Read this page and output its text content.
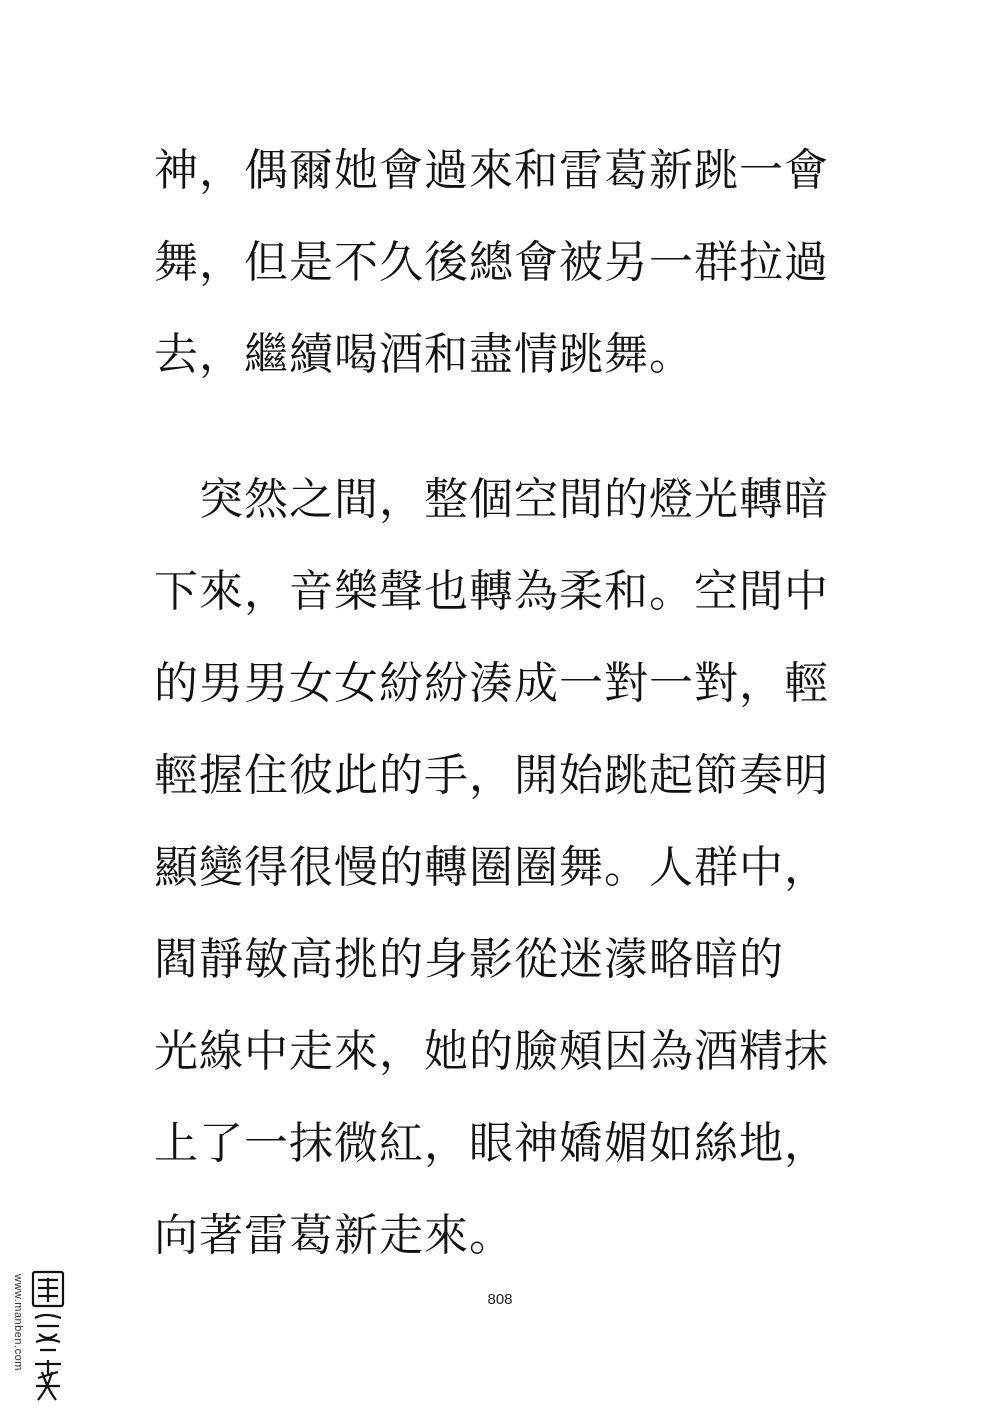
神，偶爾她會過來和雷葛新跳一會
舞，但是不久後總會被另一群拉過
去，繼續喝酒和盡情跳舞。
　突然之間，整個空間的燈光轉暗
下來，音樂聲也轉為柔和。空間中
的男男女女紛紛湊成一對一對，輕
輕握住彼此的手，開始跳起節奏明
顯變得很慢的轉圈圈舞。人群中，
閻靜敏高挑的身影從迷濛略暗的
光線中走來，她的臉頰因為酒精抹
上了一抹微紅，眼神嬌媚如絲地，
向著雷葛新走來。
808
www.manben.com
